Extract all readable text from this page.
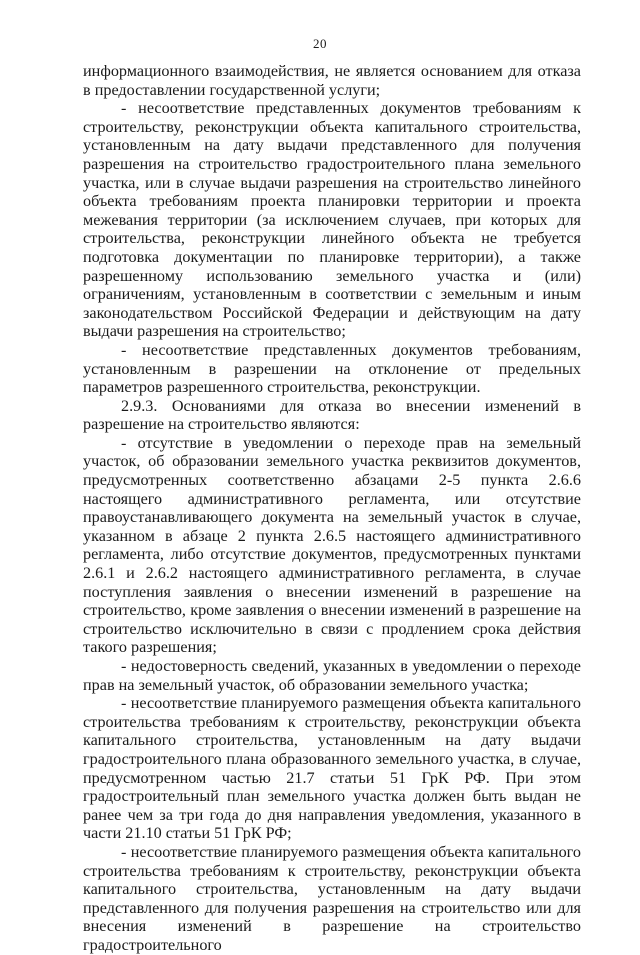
20

информационного взаимодействия, не является основанием для отказа в предоставлении государственной услуги;

- несоответствие представленных документов требованиям к строительству, реконструкции объекта капитального строительства, установленным на дату выдачи представленного для получения разрешения на строительство градостроительного плана земельного участка, или в случае выдачи разрешения на строительство линейного объекта требованиям проекта планировки территории и проекта межевания территории (за исключением случаев, при которых для строительства, реконструкции линейного объекта не требуется подготовка документации по планировке территории), а также разрешенному использованию земельного участка и (или) ограничениям, установленным в соответствии с земельным и иным законодательством Российской Федерации и действующим на дату выдачи разрешения на строительство;

- несоответствие представленных документов требованиям, установленным в разрешении на отклонение от предельных параметров разрешенного строительства, реконструкции.

2.9.3. Основаниями для отказа во внесении изменений в разрешение на строительство являются:

- отсутствие в уведомлении о переходе прав на земельный участок, об образовании земельного участка реквизитов документов, предусмотренных соответственно абзацами 2-5 пункта 2.6.6 настоящего административного регламента, или отсутствие правоустанавливающего документа на земельный участок в случае, указанном в абзаце 2 пункта 2.6.5 настоящего административного регламента, либо отсутствие документов, предусмотренных пунктами 2.6.1 и 2.6.2 настоящего административного регламента, в случае поступления заявления о внесении изменений в разрешение на строительство, кроме заявления о внесении изменений в разрешение на строительство исключительно в связи с продлением срока действия такого разрешения;

- недостоверность сведений, указанных в уведомлении о переходе прав на земельный участок, об образовании земельного участка;

- несоответствие планируемого размещения объекта капитального строительства требованиям к строительству, реконструкции объекта капитального строительства, установленным на дату выдачи градостроительного плана образованного земельного участка, в случае, предусмотренном частью 21.7 статьи 51 ГрК РФ. При этом градостроительный план земельного участка должен быть выдан не ранее чем за три года до дня направления уведомления, указанного в части 21.10 статьи 51 ГрК РФ;

- несоответствие планируемого размещения объекта капитального строительства требованиям к строительству, реконструкции объекта капитального строительства, установленным на дату выдачи представленного для получения разрешения на строительство или для внесения изменений в разрешение на строительство градостроительного
